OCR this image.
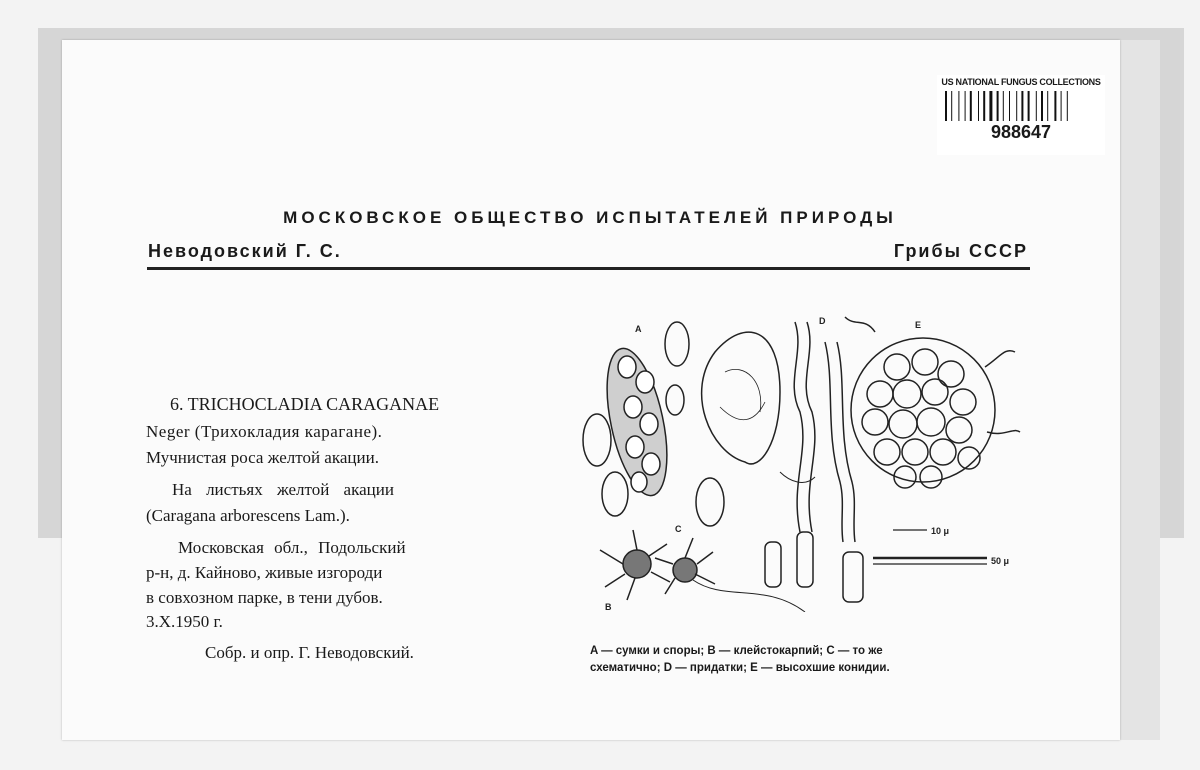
US NATIONAL FUNGUS COLLECTIONS
988647
МОСКОВСКОЕ ОБЩЕСТВО ИСПЫТАТЕЛЕЙ ПРИРОДЫ
Неводовский Г. С.	Грибы СССР
6. TRICHOCLADIA CARAGANAE
Neger (Трихокладия карагане).
Мучнистая роса желтой акации.
На листьях желтой акации
(Caragana arborescens Lam.).
Московская обл., Подольский
р-н, д. Кайново, живые изгороди
в совхозном парке, в тени дубов.
3.X.1950 г.
Собр. и опр. Г. Неводовский.
A
B
C
D	E
10 μ
50 μ
A — сумки и споры; B — клейстокарпий; C — то же
схематично; D — придатки; E — высохшие конидии.
